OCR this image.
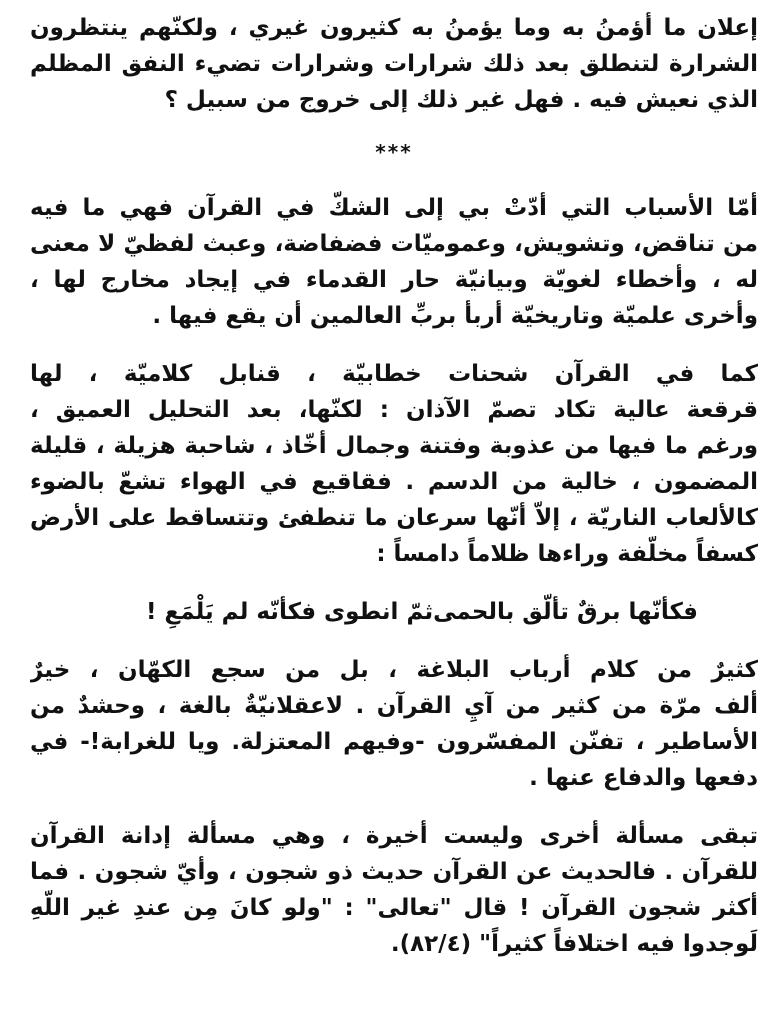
إعلان ما أؤمنُ به وما يؤمنُ به كثيرون غيري ، ولكنّهم ينتظرون
الشرارة لتنطلق بعد ذلك شرارات وشرارات تضيء النفق المظلم
الذي نعيش فيه . فهل غير ذلك إلى خروج من سبيل ؟
***
أمّا الأسباب التي أدّتْ بي إلى الشكّ في القرآن فهي ما فيه
من تناقض، وتشويش، وعموميّات فضفاضة، وعبث لفظيّ لا معنى
له ، وأخطاء لغويّة وبيانيّة حار القدماء في إيجاد مخارج لها ،
وأخرى علميّة وتاريخيّة أربأ بربِّ العالمين أن يقع فيها .
كما في القرآن شحنات خطابيّة ، قنابل كلاميّة ، لها
قرقعة عالية تكاد تصمّ الآذان : لكنّها، بعد التحليل العميق ،
ورغم ما فيها من عذوبة وفتنة وجمال أخّاذ ، شاحبة هزيلة ، قليلة
المضمون ، خالية من الدسم . فقاقيع في الهواء تشعّ بالضوء
كالألعاب الناريّة ، إلاّ أنّها سرعان ما تنطفئ وتتساقط على الأرض
كسفاً مخلّفة وراءها ظلاماً دامساً :
فكأنّها برقٌ تألّق بالحمى
ثمّ انطوى فكأنّه لم يَلْمَعِ !
كثيرٌ من كلام أرباب البلاغة ، بل من سجع الكهّان ، خيرٌ
ألف مرّة من كثير من آيِ القرآن . لاعقلانيّةٌ بالغة ، وحشدٌ من
الأساطير ، تفنّن المفسّرون -وفيهم المعتزلة. ويا للغرابة!- في
دفعها والدفاع عنها .
تبقى مسألة أخرى وليست أخيرة ، وهي مسألة إدانة القرآن
للقرآن . فالحديث عن القرآن حديث ذو شجون ، وأيّ شجون . فما
أكثر شجون القرآن ! قال "تعالى" : "ولو كانَ مِن عندِ غير اللّهِ
لَوجدوا فيه اختلافاً كثيراً" (٨٢/٤).
